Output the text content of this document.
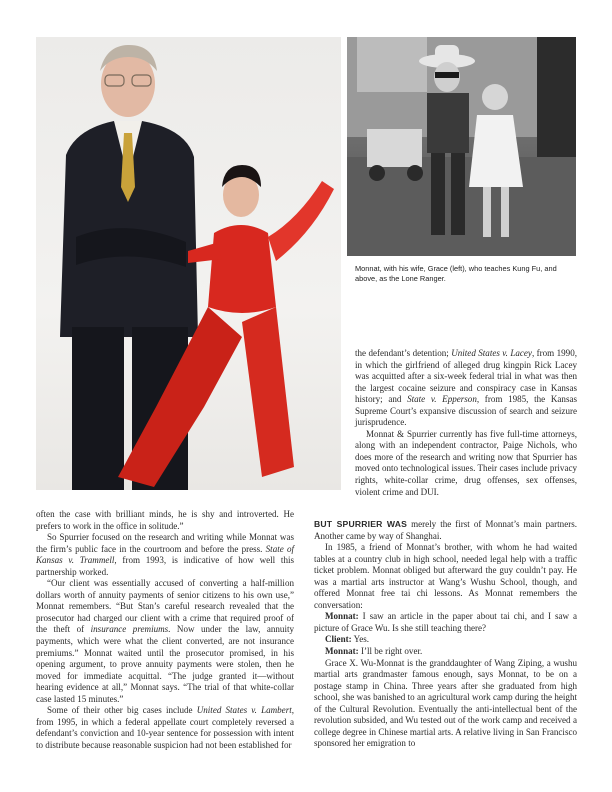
Monnat, with his wife, Grace (left), who teaches Kung Fu, and above, as the Lone Ranger.

the defendant’s detention; United States v. Lacey, from 1990, in which the girlfriend of alleged drug kingpin Rick Lacey was acquitted after a six-week federal trial in what was then the largest cocaine seizure and conspiracy case in Kansas history; and State v. Epperson, from 1985, the Kansas Supreme Court’s expansive discussion of search and seizure jurisprudence.

Monnat & Spurrier currently has five full-time attorneys, along with an independent contractor, Paige Nichols, who does more of the research and writing now that Spurrier has moved onto technological issues. Their cases include privacy rights, white-collar crime, drug offenses, sex offenses, violent crime and DUI.

often the case with brilliant minds, he is shy and introverted. He prefers to work in the office in solitude.”

So Spurrier focused on the research and writing while Monnat was the firm’s public face in the courtroom and before the press. State of Kansas v. Trammell, from 1993, is indicative of how well this partnership worked.

“Our client was essentially accused of converting a half-million dollars worth of annuity payments of senior citizens to his own use,” Monnat remembers. “But Stan’s careful research revealed that the prosecutor had charged our client with a crime that required proof of the theft of insurance premiums. Now under the law, annuity payments, which were what the client converted, are not insurance premiums.” Monnat waited until the prosecutor promised, in his opening argument, to prove annuity payments were stolen, then he moved for immediate acquittal. “The judge granted it—without hearing evidence at all,” Monnat says. “The trial of that white-collar case lasted 15 minutes.”

Some of their other big cases include United States v. Lambert, from 1995, in which a federal appellate court completely reversed a defendant’s conviction and 10-year sentence for possession with intent to distribute because reasonable suspicion had not been established for

BUT SPURRIER WAS merely the first of Monnat’s main partners. Another came by way of Shanghai.

In 1985, a friend of Monnat’s brother, with whom he had waited tables at a country club in high school, needed legal help with a traffic ticket problem. Monnat obliged but afterward the guy couldn’t pay. He was a martial arts instructor at Wang’s Wushu School, though, and offered Monnat free tai chi lessons. As Monnat remembers the conversation:

Monnat: I saw an article in the paper about tai chi, and I saw a picture of Grace Wu. Is she still teaching there?

Client: Yes.

Monnat: I’ll be right over.

Grace X. Wu-Monnat is the granddaughter of Wang Ziping, a wushu martial arts grandmaster famous enough, says Monnat, to be on a postage stamp in China. Three years after she graduated from high school, she was banished to an agricultural work camp during the height of the Cultural Revolution. Eventually the anti-intellectual bent of the revolution subsided, and Wu tested out of the work camp and received a college degree in Chinese martial arts. A relative living in San Francisco sponsored her emigration to
